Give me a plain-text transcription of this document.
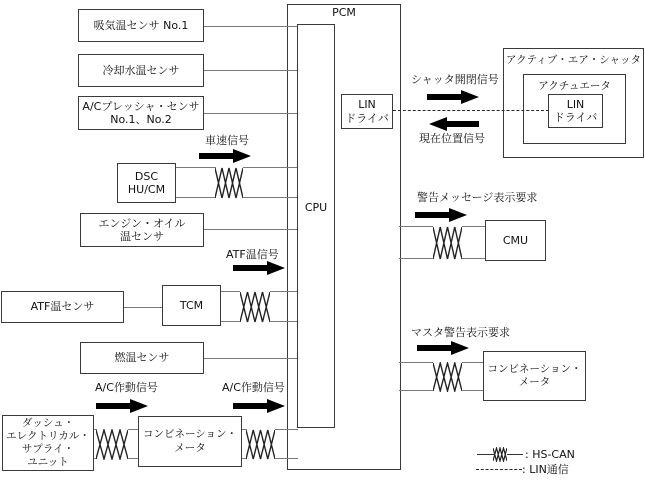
PCM
アクティブ・エア・シャッタ
アクチュエータ
CPU
LIN
ドライバ
吸気温センサ No.1
冷却水温センサ
A/Cプレッシャ・センサ
No.1、No.2
DSC
HU/CM
エンジン・オイル
温センサ
ATF温センサ	TCM
燃温センサ
ダッシュ・
エレクトリカル・
サプライ・
ユニット
コンビネーション・
メータ
LIN
ドライバ
CMU
コンビネーション・
メータ
車速信号
ATF温信号
A/C作動信号	A/C作動信号
シャッタ開閉信号
現在位置信号
警告メッセージ表示要求
マスタ警告表示要求
: HS-CAN
: LIN通信
